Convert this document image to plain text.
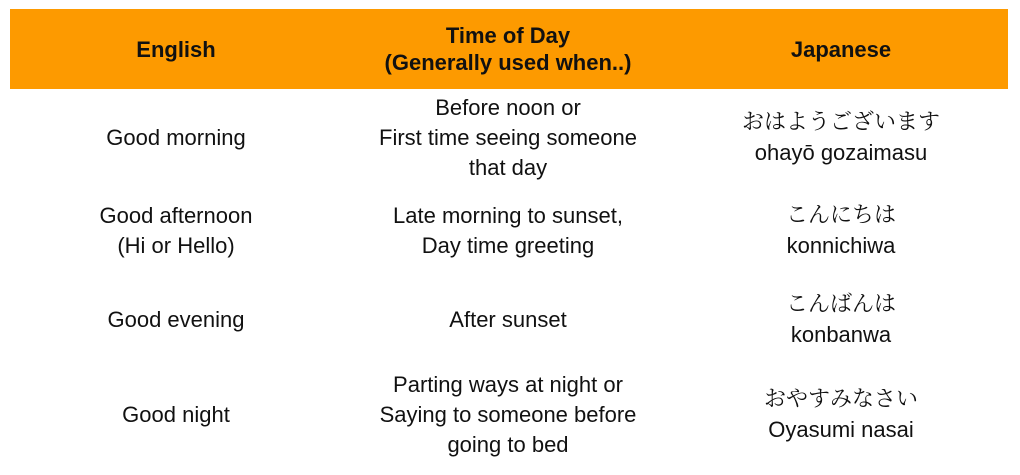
English
Time of Day
(Generally used when..)
Japanese
Good morning
Before noon or
First time seeing someone
that day
おはようございます
ohayō gozaimasu
Good afternoon
(Hi or Hello)
Late morning to sunset,
Day time greeting
こんにちは
konnichiwa
Good evening	After sunset
こんばんは
konbanwa
Good night
Parting ways at night or
Saying to someone before
going to bed
おやすみなさい
Oyasumi nasai
